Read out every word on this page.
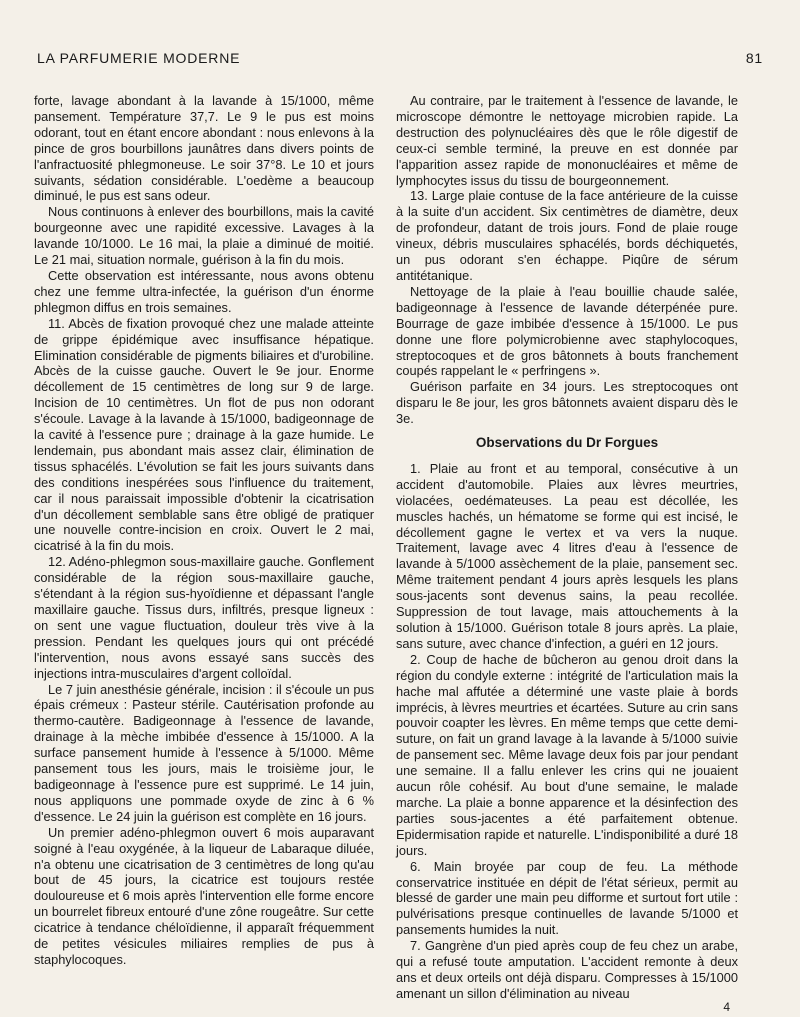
LA PARFUMERIE MODERNE	81

forte, lavage abondant à la lavande à 15/1000, même pansement. Température 37,7. Le 9 le pus est moins odorant, tout en étant encore abondant : nous enlevons à la pince de gros bourbillons jaunâtres dans divers points de l'anfractuosité phlegmoneuse. Le soir 37°8. Le 10 et jours suivants, sédation considérable. L'oedème a beaucoup diminué, le pus est sans odeur.

Nous continuons à enlever des bourbillons, mais la cavité bourgeonne avec une rapidité excessive. Lavages à la lavande 10/1000. Le 16 mai, la plaie a diminué de moitié. Le 21 mai, situation normale, guérison à la fin du mois.

Cette observation est intéressante, nous avons obtenu chez une femme ultra-infectée, la guérison d'un énorme phlegmon diffus en trois semaines.

11. Abcès de fixation provoqué chez une malade atteinte de grippe épidémique avec insuffisance hépatique. Elimination considérable de pigments biliaires et d'urobiline. Abcès de la cuisse gauche. Ouvert le 9e jour. Enorme décollement de 15 centimètres de long sur 9 de large. Incision de 10 centimètres. Un flot de pus non odorant s'écoule. Lavage à la lavande à 15/1000, badigeonnage de la cavité à l'essence pure ; drainage à la gaze humide. Le lendemain, pus abondant mais assez clair, élimination de tissus sphacélés. L'évolution se fait les jours suivants dans des conditions inespérées sous l'influence du traitement, car il nous paraissait impossible d'obtenir la cicatrisation d'un décollement semblable sans être obligé de pratiquer une nouvelle contre-incision en croix. Ouvert le 2 mai, cicatrisé à la fin du mois.

12. Adéno-phlegmon sous-maxillaire gauche. Gonflement considérable de la région sous-maxillaire gauche, s'étendant à la région sus-hyoïdienne et dépassant l'angle maxillaire gauche. Tissus durs, infiltrés, presque ligneux : on sent une vague fluctuation, douleur très vive à la pression. Pendant les quelques jours qui ont précédé l'intervention, nous avons essayé sans succès des injections intra-musculaires d'argent colloïdal.

Le 7 juin anesthésie générale, incision : il s'écoule un pus épais crémeux : Pasteur stérile. Cautérisation profonde au thermo-cautère. Badigeonnage à l'essence de lavande, drainage à la mèche imbibée d'essence à 15/1000. A la surface pansement humide à l'essence à 5/1000. Même pansement tous les jours, mais le troisième jour, le badigeonnage à l'essence pure est supprimé. Le 14 juin, nous appliquons une pommade oxyde de zinc à 6 % d'essence. Le 24 juin la guérison est complète en 16 jours.

Un premier adéno-phlegmon ouvert 6 mois auparavant soigné à l'eau oxygénée, à la liqueur de Labaraque diluée, n'a obtenu une cicatrisation de 3 centimètres de long qu'au bout de 45 jours, la cicatrice est toujours restée douloureuse et 6 mois après l'intervention elle forme encore un bourrelet fibreux entouré d'une zône rougeâtre. Sur cette cicatrice à tendance chéloïdienne, il apparaît fréquemment de petites vésicules miliaires remplies de pus à staphylocoques.

Au contraire, par le traitement à l'essence de lavande, le microscope démontre le nettoyage microbien rapide. La destruction des polynucléaires dès que le rôle digestif de ceux-ci semble terminé, la preuve en est donnée par l'apparition assez rapide de mononucléaires et même de lymphocytes issus du tissu de bourgeonnement.

13. Large plaie contuse de la face antérieure de la cuisse à la suite d'un accident. Six centimètres de diamètre, deux de profondeur, datant de trois jours. Fond de plaie rouge vineux, débris musculaires sphacélés, bords déchiquetés, un pus odorant s'en échappe. Piqûre de sérum antitétanique.

Nettoyage de la plaie à l'eau bouillie chaude salée, badigeonnage à l'essence de lavande déterpénée pure. Bourrage de gaze imbibée d'essence à 15/1000. Le pus donne une flore polymicrobienne avec staphylocoques, streptocoques et de gros bâtonnets à bouts franchement coupés rappelant le « perfringens ».

Guérison parfaite en 34 jours. Les streptocoques ont disparu le 8e jour, les gros bâtonnets avaient disparu dès le 3e.

Observations du Dr Forgues

1. Plaie au front et au temporal, consécutive à un accident d'automobile. Plaies aux lèvres meurtries, violacées, oedémateuses. La peau est décollée, les muscles hachés, un hématome se forme qui est incisé, le décollement gagne le vertex et va vers la nuque. Traitement, lavage avec 4 litres d'eau à l'essence de lavande à 5/1000 assèchement de la plaie, pansement sec. Même traitement pendant 4 jours après lesquels les plans sous-jacents sont devenus sains, la peau recollée. Suppression de tout lavage, mais attouchements à la solution à 15/1000. Guérison totale 8 jours après. La plaie, sans suture, avec chance d'infection, a guéri en 12 jours.

2. Coup de hache de bûcheron au genou droit dans la région du condyle externe : intégrité de l'articulation mais la hache mal affutée a déterminé une vaste plaie à bords imprécis, à lèvres meurtries et écartées. Suture au crin sans pouvoir coapter les lèvres. En même temps que cette demi-suture, on fait un grand lavage à la lavande à 5/1000 suivie de pansement sec. Même lavage deux fois par jour pendant une semaine. Il a fallu enlever les crins qui ne jouaient aucun rôle cohésif. Au bout d'une semaine, le malade marche. La plaie a bonne apparence et la désinfection des parties sous-jacentes a été parfaitement obtenue. Epidermisation rapide et naturelle. L'indisponibilité a duré 18 jours.

6. Main broyée par coup de feu. La méthode conservatrice instituée en dépit de l'état sérieux, permit au blessé de garder une main peu difforme et surtout fort utile : pulvérisations presque continuelles de lavande 5/1000 et pansements humides la nuit.

7. Gangrène d'un pied après coup de feu chez un arabe, qui a refusé toute amputation. L'accident remonte à deux ans et deux orteils ont déjà disparu. Compresses à 15/1000 amenant un sillon d'élimination au niveau

4
